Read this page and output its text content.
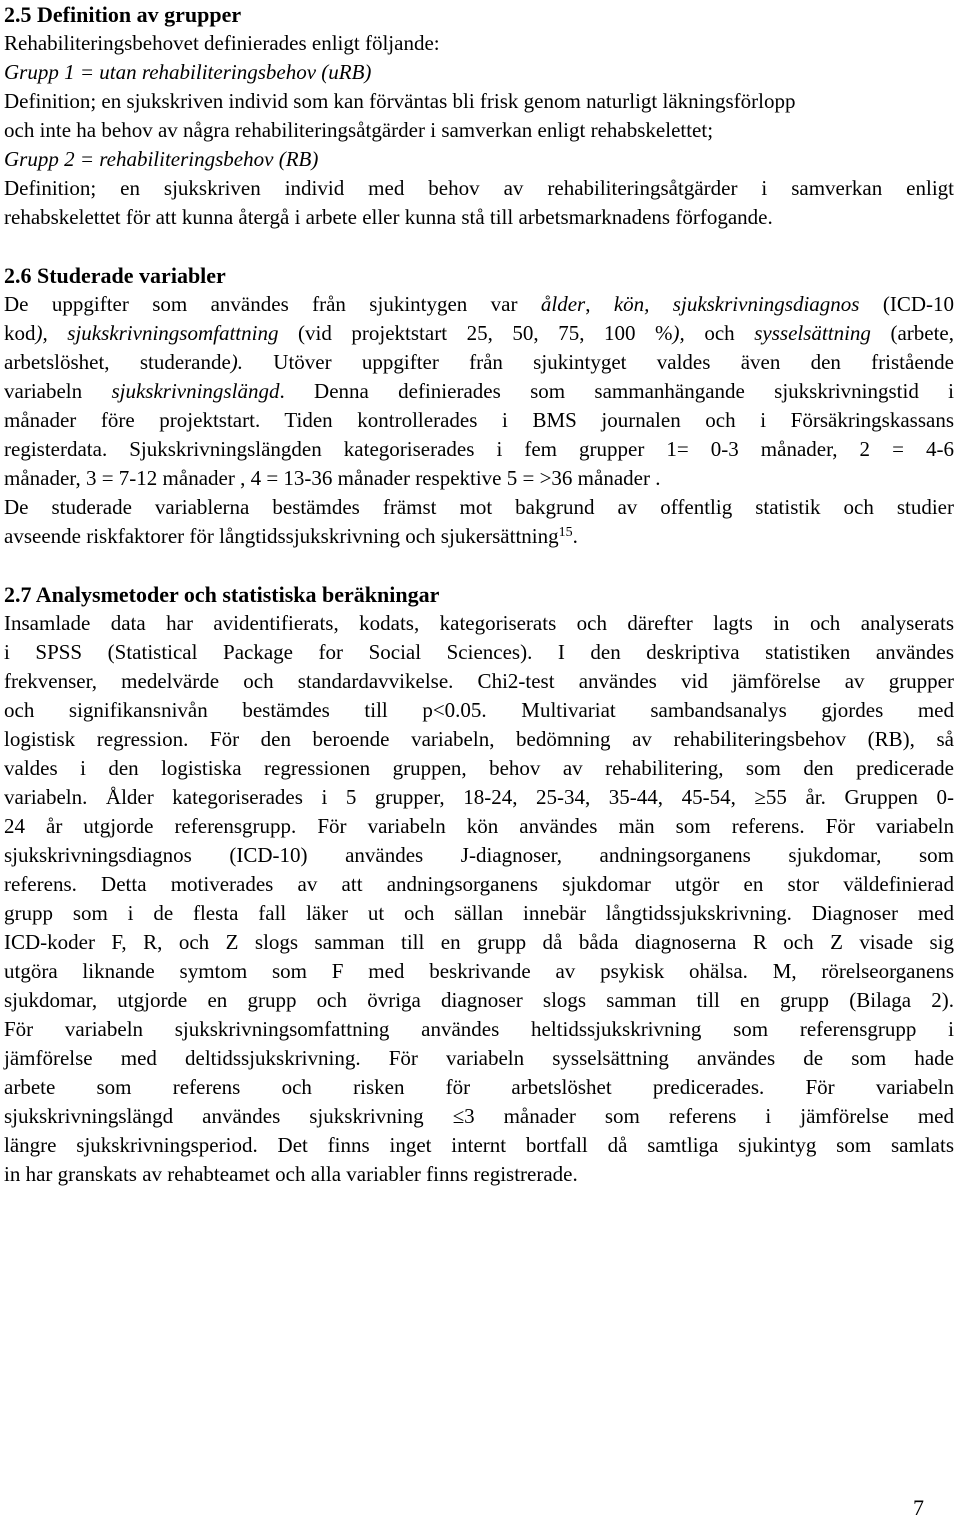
2.5 Definition av grupper

Rehabiliteringsbehovet definierades enligt följande:

Grupp 1 = utan rehabiliteringsbehov (uRB)

Definition; en sjukskriven individ som kan förväntas bli frisk genom naturligt läkningsförlopp

och inte ha behov av några rehabiliteringsåtgärder i samverkan enligt rehabskelettet;

Grupp 2 = rehabiliteringsbehov (RB)

Definition; en sjukskriven individ med behov av rehabiliteringsåtgärder i samverkan enligt

rehabskelettet för att kunna återgå i arbete eller kunna stå till arbetsmarknadens förfogande.

2.6 Studerade variabler

De uppgifter som användes från sjukintygen var ålder, kön, sjukskrivningsdiagnos (ICD-10

kod), sjukskrivningsomfattning (vid projektstart 25, 50, 75, 100 %), och sysselsättning (arbete,

arbetslöshet, studerande). Utöver uppgifter från sjukintyget valdes även den fristående

variabeln sjukskrivningslängd. Denna definierades som sammanhängande sjukskrivningstid i

månader före projektstart. Tiden kontrollerades i BMS journalen och i Försäkringskassans

registerdata. Sjukskrivningslängden kategoriserades i fem grupper 1= 0-3 månader, 2 = 4-6

månader, 3 = 7-12 månader , 4 = 13-36 månader respektive 5 = >36 månader .

De studerade variablerna bestämdes främst mot bakgrund av offentlig statistik och studier

avseende riskfaktorer för långtidssjukskrivning och sjukersättning$^{15}$.

2.7 Analysmetoder och statistiska beräkningar

Insamlade data har avidentifierats, kodats, kategoriserats och därefter lagts in och analyserats

i SPSS (Statistical Package for Social Sciences). I den deskriptiva statistiken användes

frekvenser, medelvärde och standardavvikelse. Chi2-test användes vid jämförelse av grupper

och signifikansnivån bestämdes till p<0.05. Multivariat sambandsanalys gjordes med

logistisk regression. För den beroende variabeln, bedömning av rehabiliteringsbehov (RB), så

valdes i den logistiska regressionen gruppen, behov av rehabilitering, som den predicerade

variabeln. Ålder kategoriserades i 5 grupper, 18-24, 25-34, 35-44, 45-54, ≥55 år. Gruppen 0-

24 år utgjorde referensgrupp. För variabeln kön användes män som referens. För variabeln

sjukskrivningsdiagnos (ICD-10) användes J-diagnoser, andningsorganens sjukdomar, som

referens. Detta motiverades av att andningsorganens sjukdomar utgör en stor väldefinierad

grupp som i de flesta fall läker ut och sällan innebär långtidssjukskrivning. Diagnoser med

ICD-koder F, R, och Z slogs samman till en grupp då båda diagnoserna R och Z visade sig

utgöra liknande symtom som F med beskrivande av psykisk ohälsa. M, rörelseorganens

sjukdomar, utgjorde en grupp och övriga diagnoser slogs samman till en grupp (Bilaga 2).

För variabeln sjukskrivningsomfattning användes heltidssjukskrivning som referensgrupp i

jämförelse med deltidssjukskrivning. För variabeln sysselsättning användes de som hade

arbete som referens och risken för arbetslöshet predicerades. För variabeln

sjukskrivningslängd användes sjukskrivning ≤3 månader som referens i jämförelse med

längre sjukskrivningsperiod. Det finns inget internt bortfall då samtliga sjukintyg som samlats

in har granskats av rehabteamet och alla variabler finns registrerade.

7
